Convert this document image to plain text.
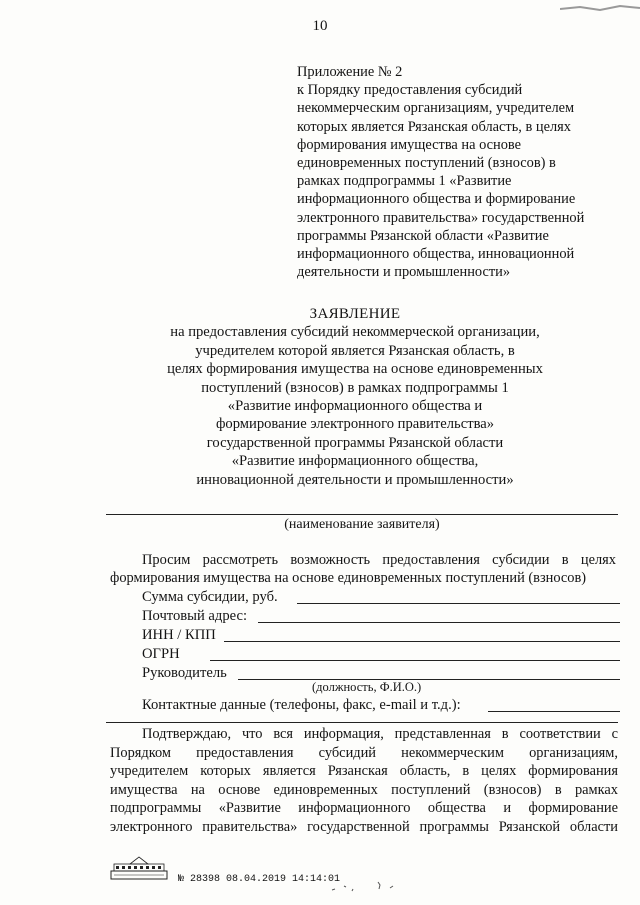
10
Приложение № 2
к Порядку предоставления субсидий
некоммерческим организациям, учредителем
которых является Рязанская область, в целях
формирования имущества на основе
единовременных поступлений (взносов) в
рамках подпрограммы 1 «Развитие
информационного общества и формирование
электронного правительства» государственной
программы Рязанской области «Развитие
информационного общества, инновационной
деятельности и промышленности»
ЗАЯВЛЕНИЕ
на предоставления субсидий некоммерческой организации,
учредителем которой является Рязанская область, в
целях формирования имущества на основе единовременных
поступлений (взносов) в рамках подпрограммы 1
«Развитие информационного общества и
формирование электронного правительства»
государственной программы Рязанской области
«Развитие информационного общества,
инновационной деятельности и промышленности»
(наименование заявителя)
Просим рассмотреть возможность предоставления субсидии в целях
формирования имущества на основе единовременных поступлений (взносов)
Сумма субсидии, руб.
Почтовый адрес:
ИНН / КПП
ОГРН
Руководитель
(должность, Ф.И.О.)
Контактные данные (телефоны, факс, e-mail и т.д.):
Подтверждаю, что вся информация, представленная в соответствии с
Порядком предоставления субсидий некоммерческим организациям,
учредителем которых является Рязанская область, в целях формирования
имущества на основе единовременных поступлений (взносов) в рамках
подпрограммы «Развитие информационного общества и формирование
электронного правительства» государственной программы Рязанской области
№ 28398 08.04.2019 14:14:01
